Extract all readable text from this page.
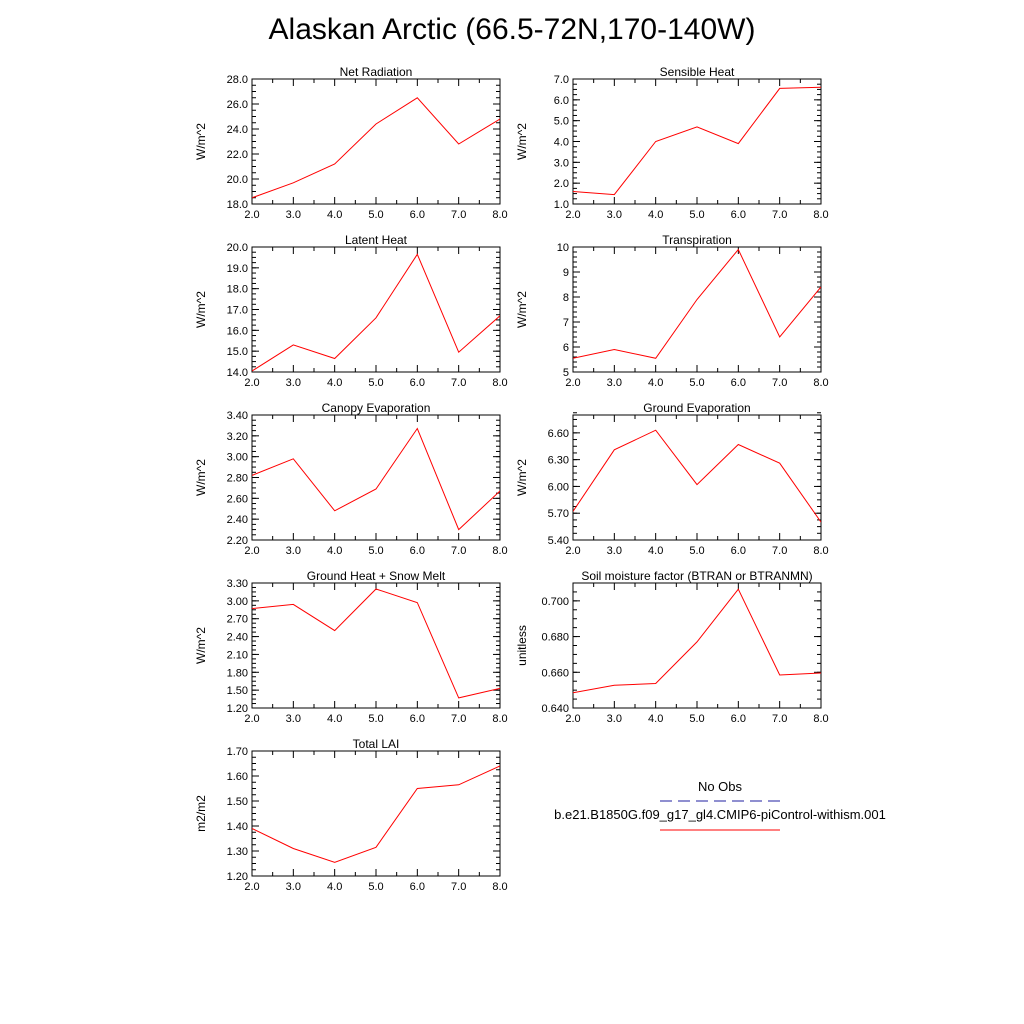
Alaskan Arctic (66.5-72N,170-140W)
2.0 3.0 4.0 5.0 6.0 7.0 8.0
18.0
20.0
22.0
24.0
26.0
28.0
Net Radiation
W/m^2
2.0 3.0 4.0 5.0 6.0 7.0 8.0
1.0
2.0
3.0
4.0
5.0
6.0
7.0
Sensible Heat
W/m^2
2.0 3.0 4.0 5.0 6.0 7.0 8.0
14.0
15.0
16.0
17.0
18.0
19.0
20.0
Latent Heat
W/m^2
2.0 3.0 4.0 5.0 6.0 7.0 8.0
5
6
7
8
9
10
Transpiration
W/m^2
2.0 3.0 4.0 5.0 6.0 7.0 8.0
2.20
2.40
2.60
2.80
3.00
3.20
3.40
Canopy Evaporation
W/m^2
2.0 3.0 4.0 5.0 6.0 7.0 8.0
5.40
5.70
6.00
6.30
6.60
Ground Evaporation
W/m^2
2.0 3.0 4.0 5.0 6.0 7.0 8.0
1.20
1.50
1.80
2.10
2.40
2.70
3.00
3.30
Ground Heat + Snow Melt
W/m^2
2.0 3.0 4.0 5.0 6.0 7.0 8.0
0.640
0.660
0.680
0.700
Soil moisture factor (BTRAN or BTRANMN)
unitless
2.0 3.0 4.0 5.0 6.0 7.0 8.0
1.20
1.30
1.40
1.50
1.60
1.70
Total LAI
m2/m2
No Obs
b.e21.B1850G.f09_g17_gl4.CMIP6-piControl-withism.001
